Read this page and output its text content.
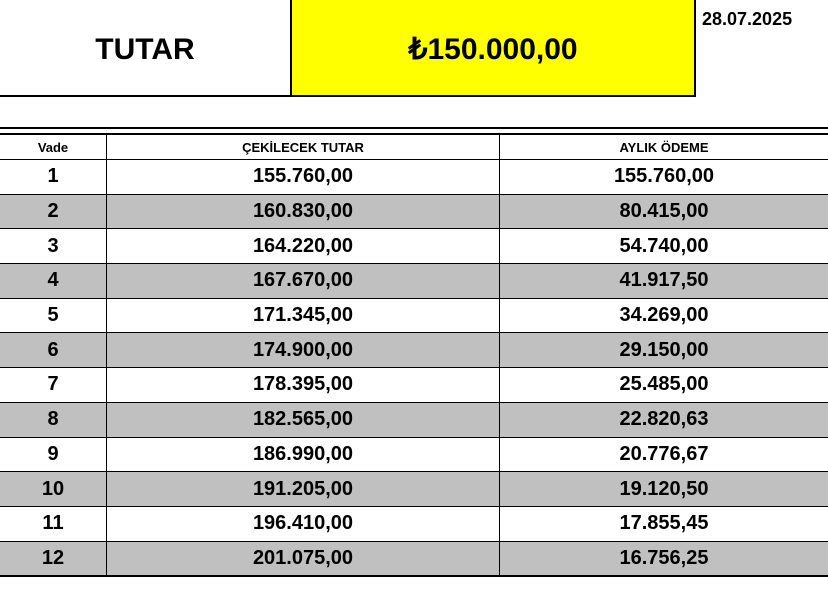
TUTAR	₺150.000,00
28.07.2025
Vade	ÇEKİLECEK TUTAR	AYLIK ÖDEME
1	155.760,00	155.760,00
2	160.830,00	80.415,00
3	164.220,00	54.740,00
4	167.670,00	41.917,50
5	171.345,00	34.269,00
6	174.900,00	29.150,00
7	178.395,00	25.485,00
8	182.565,00	22.820,63
9	186.990,00	20.776,67
10	191.205,00	19.120,50
11	196.410,00	17.855,45
12	201.075,00	16.756,25
